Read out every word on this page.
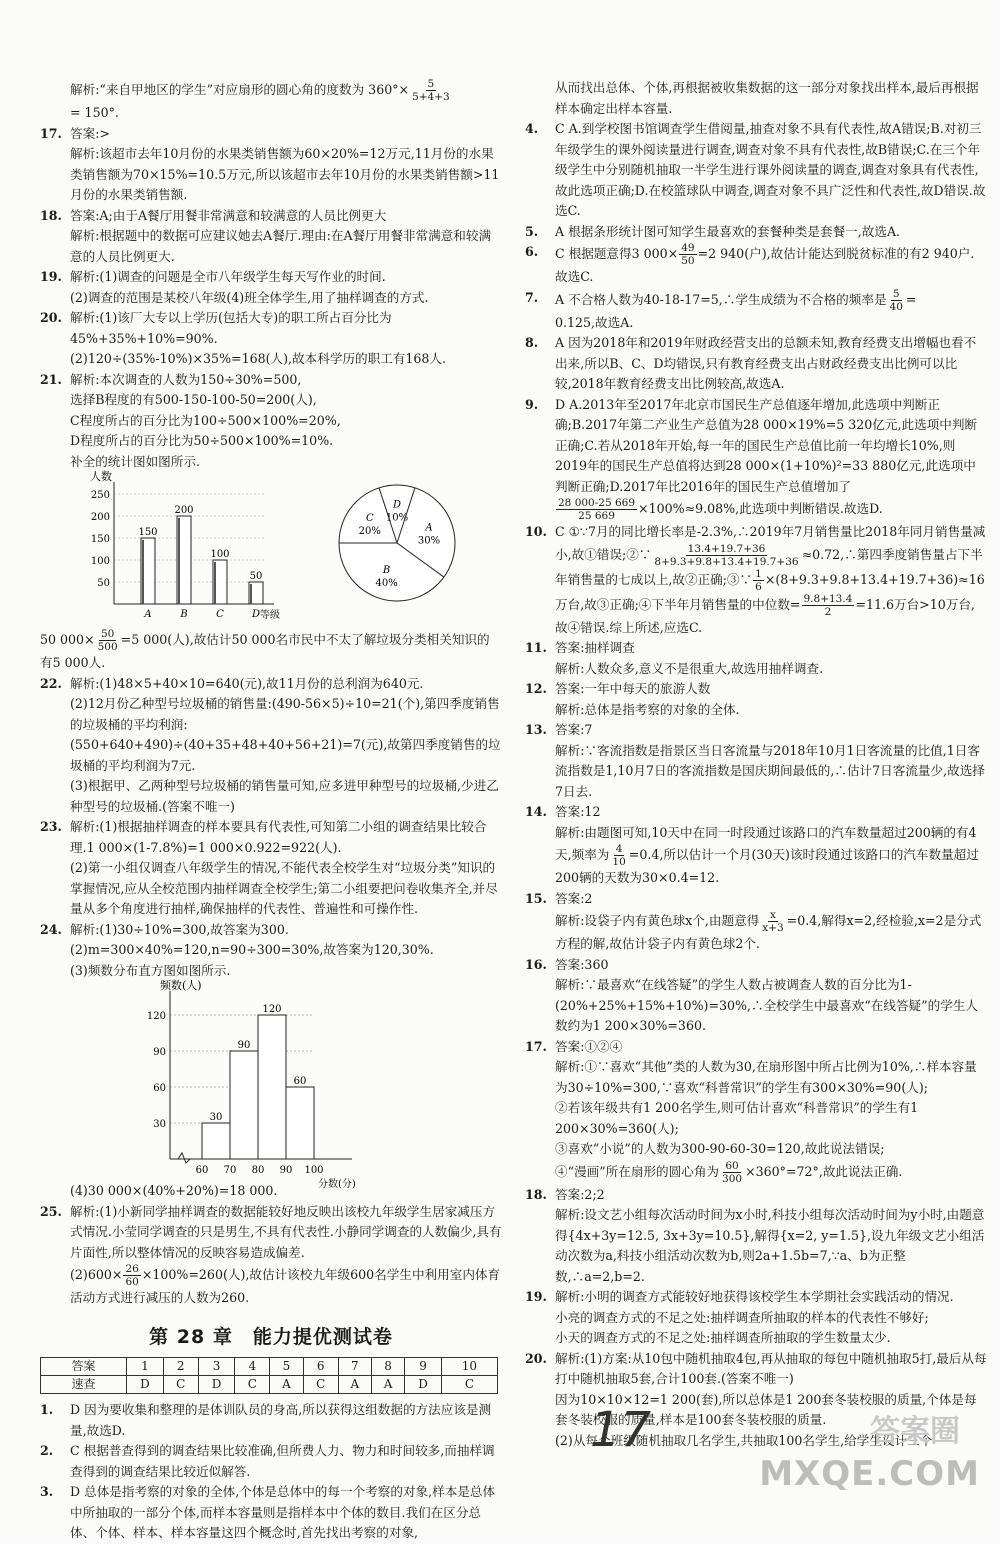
解析:“来自甲地区的学生”对应扇形的圆心角的度数为 $360^\circ\times \frac{5}{5+4+3}$

= 150°.

17. 答案:>

解析:该超市去年10月份的水果类销售额为60×20%=12万元,11月份的水果类销售额为70×15%=10.5万元,所以该超市去年10月份的水果类销售额>11月份的水果类销售额.

18. 答案:A;由于A餐厅用餐非常满意和较满意的人员比例更大

解析:根据题中的数据可应建议她去A餐厅.理由:在A餐厅用餐非常满意和较满意的人员比例更大.

19. 解析:(1)调查的问题是全市八年级学生每天写作业的时间.

(2)调查的范围是某校八年级(4)班全体学生,用了抽样调查的方式.

20. 解析:(1)该厂大专以上学历(包括大专)的职工所占百分比为45%+35%+10%=90%.

(2)120÷(35%-10%)×35%=168(人),故本科学历的职工有168人.

21. 解析:本次调查的人数为150÷30%=500,

选择B程度的有500-150-100-50=200(人),

C程度所占的百分比为100÷500×100%=20%,

D程度所占的百分比为50÷500×100%=10%.

补全的统计图如图所示.

人数
等级
50
100
150
200
250
150
A
200
B
100
C
50
D
D
10%
A
30%
B
40%
C
20%

50 $000\times \frac{50}{500} =5$ 000(人),故估计50 000名市民中不太了解垃圾分类相关知识的有5 000人.

22. 解析:(1)48×5+40×10=640(元),故11月份的总利润为640元.

(2)12月份乙种型号垃圾桶的销售量:(490-56×5)÷10=21(个),第四季度销售的垃圾桶的平均利润:(550+640+490)÷(40+35+48+40+56+21)=7(元),故第四季度销售的垃圾桶的平均利润为7元.

(3)根据甲、乙两种型号垃圾桶的销售量可知,应多进甲种型号的垃圾桶,少进乙种型号的垃圾桶.(答案不唯一)

23. 解析:(1)根据抽样调查的样本要具有代表性,可知第二小组的调查结果比较合理.1 000×(1-7.8%)=1 000×0.922=922(人).

(2)第一小组仅调查八年级学生的情况,不能代表全校学生对“垃圾分类”知识的掌握情况,应从全校范围内抽样调查全校学生;第二小组要把问卷收集齐全,并尽量从多个角度进行抽样,确保抽样的代表性、普遍性和可操作性.

24. 解析:(1)30÷10%=300,故答案为300.

(2)m=300×40%=120,n=90÷300=30%,故答案为120,30%.

(3)频数分布直方图如图所示.

频数(人)
分数(分)
30
60
90
120
30
90
120
60
60 70 80 90 100

(4)30 000×(40%+20%)=18 000.

25. 解析:(1)小新同学抽样调查的数据能较好地反映出该校九年级学生居家减压方式情况.小莹同学调查的只是男生,不具有代表性.小静同学调查的人数偏少,具有片面性,所以整体情况的反映容易造成偏差.

$(2)600\times \frac{26}{60} \times 100\%=260$(人),故估计该校九年级600名学生中利用室内体育活动方式进行减压的人数为260.

第 28 章 能力提优测试卷
答案	1	2	3	4	5	6	7	8	9	10
速查	D	C	D	C	A	C	A	A	D	C
1.	D 因为要收集和整理的是体训队员的身高,所以获得这组数据的方法应该是测量,故选D.
2.	C 根据普查得到的调查结果比较准确,但所费人力、物力和时间较多,而抽样调查得到的调查结果比较近似解答.
3.	D 总体是指考察的对象的全体,个体是总体中的每一个考察的对象,样本是总体中所抽取的一部分个体,而样本容量则是指样本中个体的数目.我们在区分总体、个体、样本、样本容量这四个概念时,首先找出考察的对象,

从而找出总体、个体,再根据被收集数据的这一部分对象找出样本,最后再根据样本确定出样本容量.

4.	C A.到学校图书馆调查学生借阅量,抽查对象不具有代表性,故A错误;B.对初三年级学生的课外阅读量进行调查,调查对象不具有代表性,故B错误;C.在三个年级学生中分别随机抽取一半学生进行课外阅读量的调查,调查对象具有代表性,故此选项正确;D.在校篮球队中调查,调查对象不具广泛性和代表性,故D错误.故选C.
5.	A 根据条形统计图可知学生最喜欢的套餐种类是套餐一,故选A.
6.	C 根据题意得3 $000\times \frac{49}{50} =2$ 940(户),故估计能达到脱贫标准的有2 940户.

故选C.

7.	A 不合格人数为40-18-17=5,∴学生成绩为不合格的频率是 $\frac{5}{40}$ =

0.125,故选A.

8.	A 因为2018年和2019年财政经营支出的总额未知,教育经费支出增幅也看不出来,所以B、C、D均错误,只有教育经费支出占财政经费支出比例可以比较,2018年教育经费支出比例较高,故选A.
9.	D A.2013年至2017年北京市国民生产总值逐年增加,此选项中判断正确;B.2017年第二产业生产总值为28 000×19%=5 320亿元,此选项中判断正确;C.若从2018年开始,每一年的国民生产总值比前一年均增长10%,则2019年的国民生产总值将达到28 000×(1+10%)²=33 880亿元,此选项中判断正确;D.2017年比2016年的国民生产总值增加了

$\frac{28 000-25 669}{25 669} \times 100\%\approx 9.08\%$,此选项中判断错误.故选D.

10. C ①∵7月的同比增长率是-2.3%,∴2019年7月销售量比2018年同月销售量减小,故①错误;②∵ $\frac{13.4+19.7+36}{8+9.3+9.8+13.4+19.7+36}$ ≈0.72,∴第四季度销售量占下半年销售量的七成以上,故②正确;③∵ $\frac{1}{6} \times(8+9.3+9.8+13.4+19.7+36)\approx 16$万台,故③正确;④下半年月销售量的中位数= $\frac{9.8+13.4}{2} =11.6$万台>10万台,故④错误.综上所述,应选C.

11. 答案:抽样调查

解析:人数众多,意义不是很重大,故选用抽样调查.

12. 答案:一年中每天的旅游人数

解析:总体是指考察的对象的全体.

13. 答案:7

解析:∵客流指数是指景区当日客流量与2018年10月1日客流量的比值,1日客流指数是1,10月7日的客流指数是国庆期间最低的,∴估计7日客流量少,故选择7日去.

14. 答案:12

解析:由题图可知,10天中在同一时段通过该路口的汽车数量超过200辆的有4天,频率为 $\frac{4}{10} =0.4$,所以估计一个月(30天)该时段通过该路口的汽车数量超过200辆的天数为30×0.4=12.

15. 答案:2

解析:设袋子内有黄色球x个,由题意得 $\frac{x}{x+3} =0.4$,解得x=2,经检验,x=2是分式方程的解,故估计袋子内有黄色球2个.

16. 答案:360

解析:∵最喜欢“在线答疑”的学生人数占被调查人数的百分比为1-(20%+25%+15%+10%)=30%,∴全校学生中最喜欢“在线答疑”的学生人数约为1 200×30%=360.

17. 答案:①②④

解析:①∵喜欢“其他”类的人数为30,在扇形图中所占比例为10%,∴样本容量为30÷10%=300,∵喜欢“科普常识”的学生有300×30%=90(人);

②若该年级共有1 200名学生,则可估计喜欢“科普常识”的学生有1 200×30%=360(人);

③喜欢“小说”的人数为300-90-60-30=120,故此说法错误;

④“漫画”所在扇形的圆心角为 $\frac{60}{300} \times 360^\circ=72^\circ$,故此说法正确.

18. 答案:2;2

解析:设文艺小组每次活动时间为x小时,科技小组每次活动时间为y小时,由题意得{4x+3y=12.5, 3x+3y=10.5},解得{x=2, y=1.5},设九年级文艺小组活动次数为a,科技小组活动次数为b,则2a+1.5b=7,∵a、b为正整数,∴a=2,b=2.

19. 解析:小明的调查方式能较好地获得该校学生本学期社会实践活动的情况.

小亮的调查方式的不足之处:抽样调查所抽取的样本的代表性不够好;

小天的调查方式的不足之处:抽样调查所抽取的学生数量太少.

20. 解析:(1)方案:从10包中随机抽取4包,再从抽取的每包中随机抽取5打,最后从每打中随机抽取5套,合计100套.(答案不唯一)

因为10×10×12=1 200(套),所以总体是1 200套冬装校服的质量,个体是每套冬装校服的质量,样本是100套冬装校服的质量.

(2)从每个班级随机抽取几名学生,共抽取100名学生,给学生设计三个

17	答案圈
MXQE.COM
